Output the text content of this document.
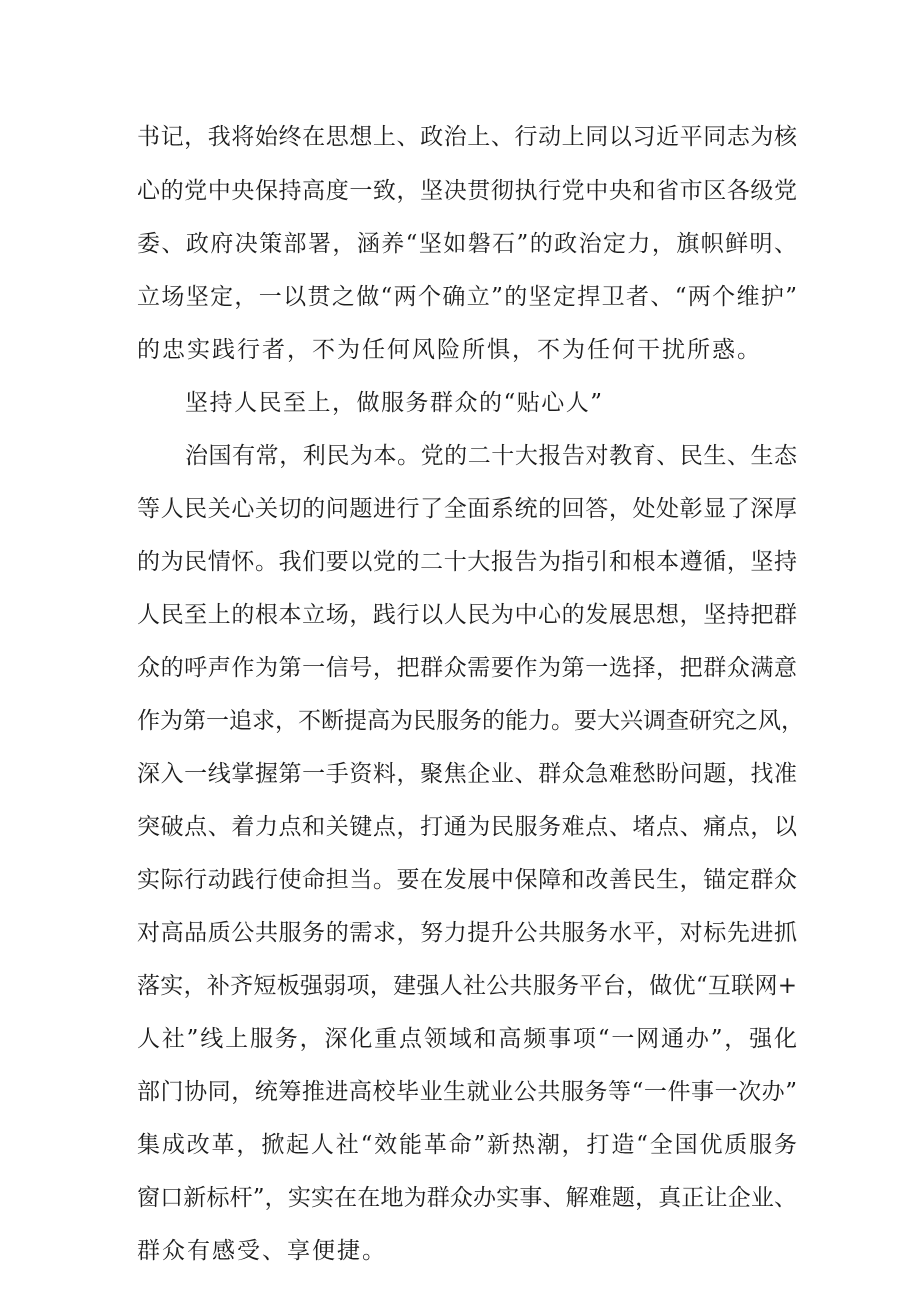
书记，我将始终在思想上、政治上、行动上同以习近平同志为核
心的党中央保持高度一致，坚决贯彻执行党中央和省市区各级党
委、政府决策部署，涵养“坚如磐石”的政治定力，旗帜鲜明、
立场坚定，一以贯之做“两个确立”的坚定捍卫者、“两个维护”
的忠实践行者，不为任何风险所惧，不为任何干扰所惑。
坚持人民至上，做服务群众的“贴心人”
治国有常，利民为本。党的二十大报告对教育、民生、生态
等人民关心关切的问题进行了全面系统的回答，处处彰显了深厚
的为民情怀。我们要以党的二十大报告为指引和根本遵循，坚持
人民至上的根本立场，践行以人民为中心的发展思想，坚持把群
众的呼声作为第一信号，把群众需要作为第一选择，把群众满意
作为第一追求，不断提高为民服务的能力。要大兴调查研究之风，
深入一线掌握第一手资料，聚焦企业、群众急难愁盼问题，找准
突破点、着力点和关键点，打通为民服务难点、堵点、痛点，以
实际行动践行使命担当。要在发展中保障和改善民生，锚定群众
对高品质公共服务的需求，努力提升公共服务水平，对标先进抓
落实，补齐短板强弱项，建强人社公共服务平台，做优“互联网+
人社”线上服务，深化重点领域和高频事项“一网通办”，强化
部门协同，统筹推进高校毕业生就业公共服务等“一件事一次办”
集成改革，掀起人社“效能革命”新热潮，打造“全国优质服务
窗口新标杆”，实实在在地为群众办实事、解难题，真正让企业、
群众有感受、享便捷。
